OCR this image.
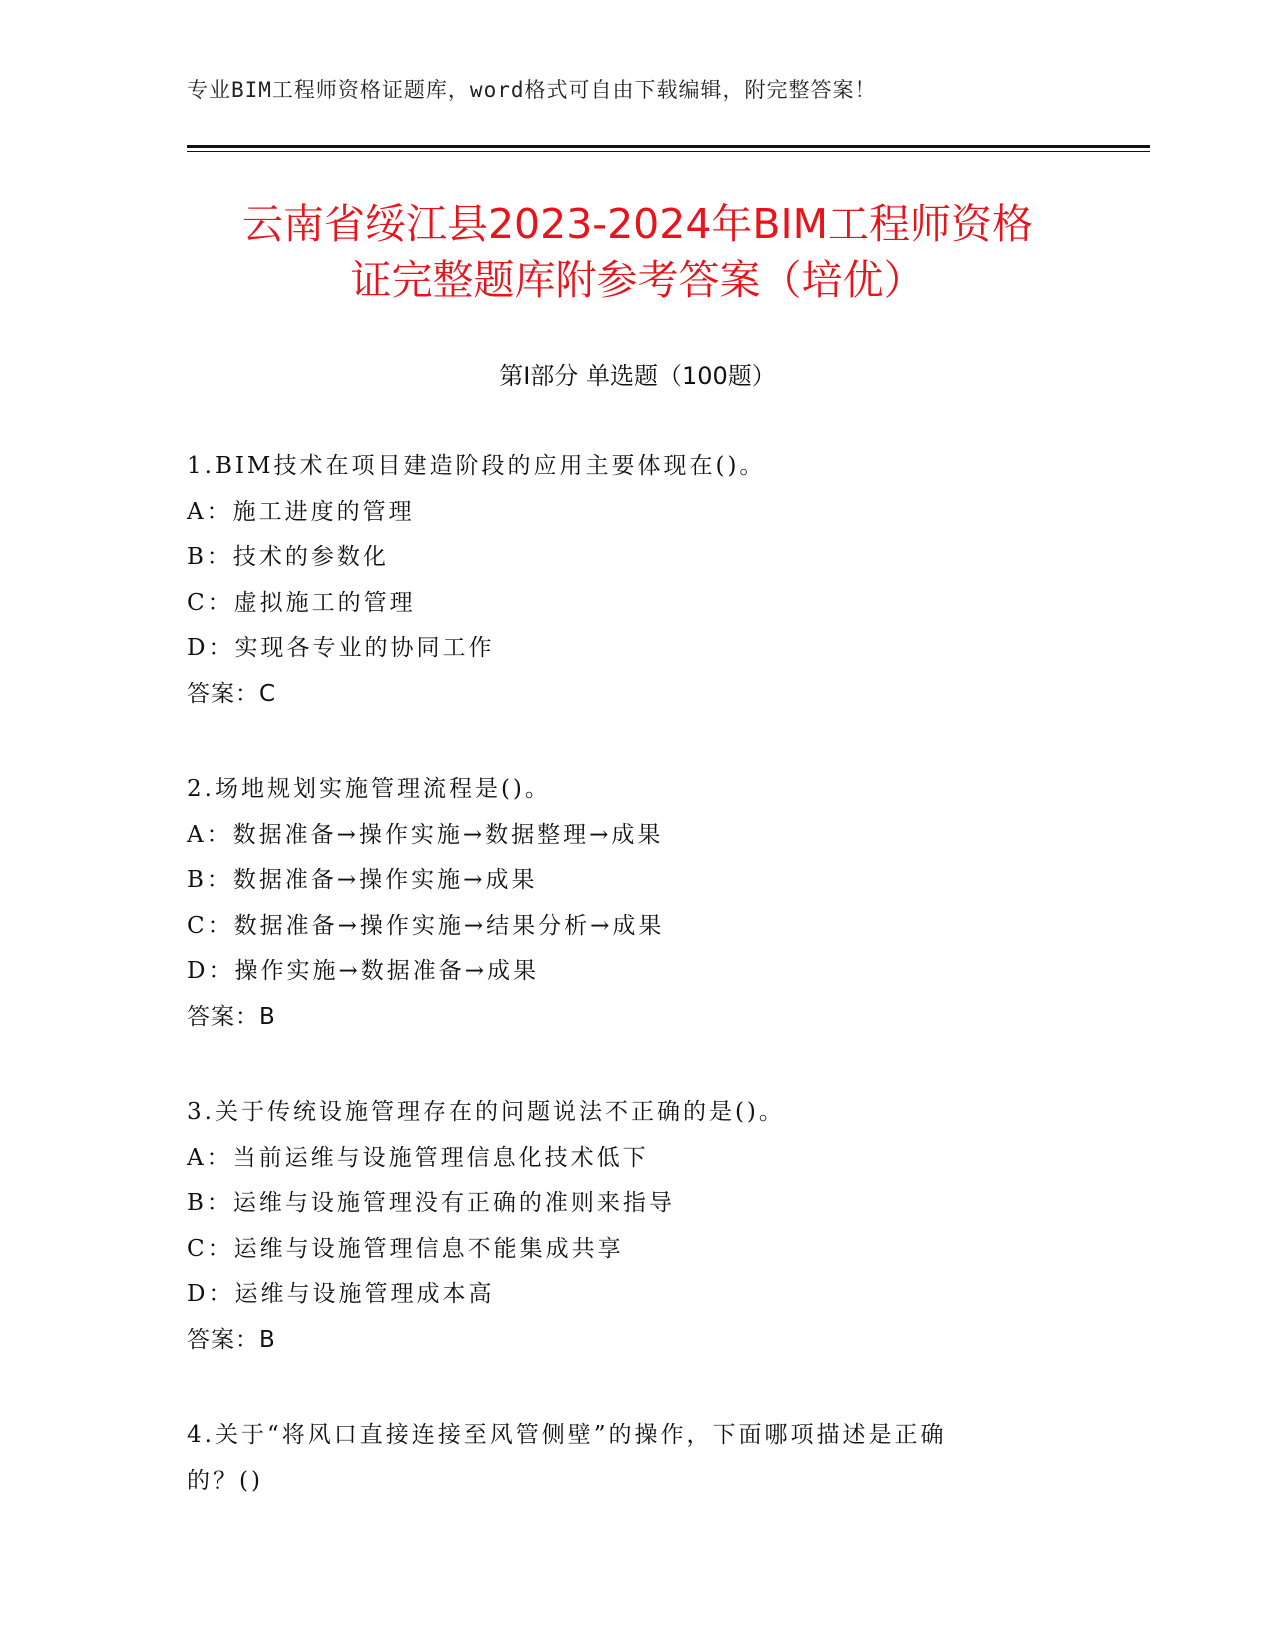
专业BIM工程师资格证题库，word格式可自由下载编辑，附完整答案！
云南省绥江县2023-2024年BIM工程师资格
证完整题库附参考答案（培优）
第Ⅰ部分 单选题（100题）
1.BIM技术在项目建造阶段的应用主要体现在()。
A：施工进度的管理
B：技术的参数化
C：虚拟施工的管理
D：实现各专业的协同工作
答案：C
2.场地规划实施管理流程是()。
A：数据准备→操作实施→数据整理→成果
B：数据准备→操作实施→成果
C：数据准备→操作实施→结果分析→成果
D：操作实施→数据准备→成果
答案：B
3.关于传统设施管理存在的问题说法不正确的是()。
A：当前运维与设施管理信息化技术低下
B：运维与设施管理没有正确的准则来指导
C：运维与设施管理信息不能集成共享
D：运维与设施管理成本高
答案：B
4.关于“将风口直接连接至风管侧壁”的操作，下面哪项描述是正确
的？()
